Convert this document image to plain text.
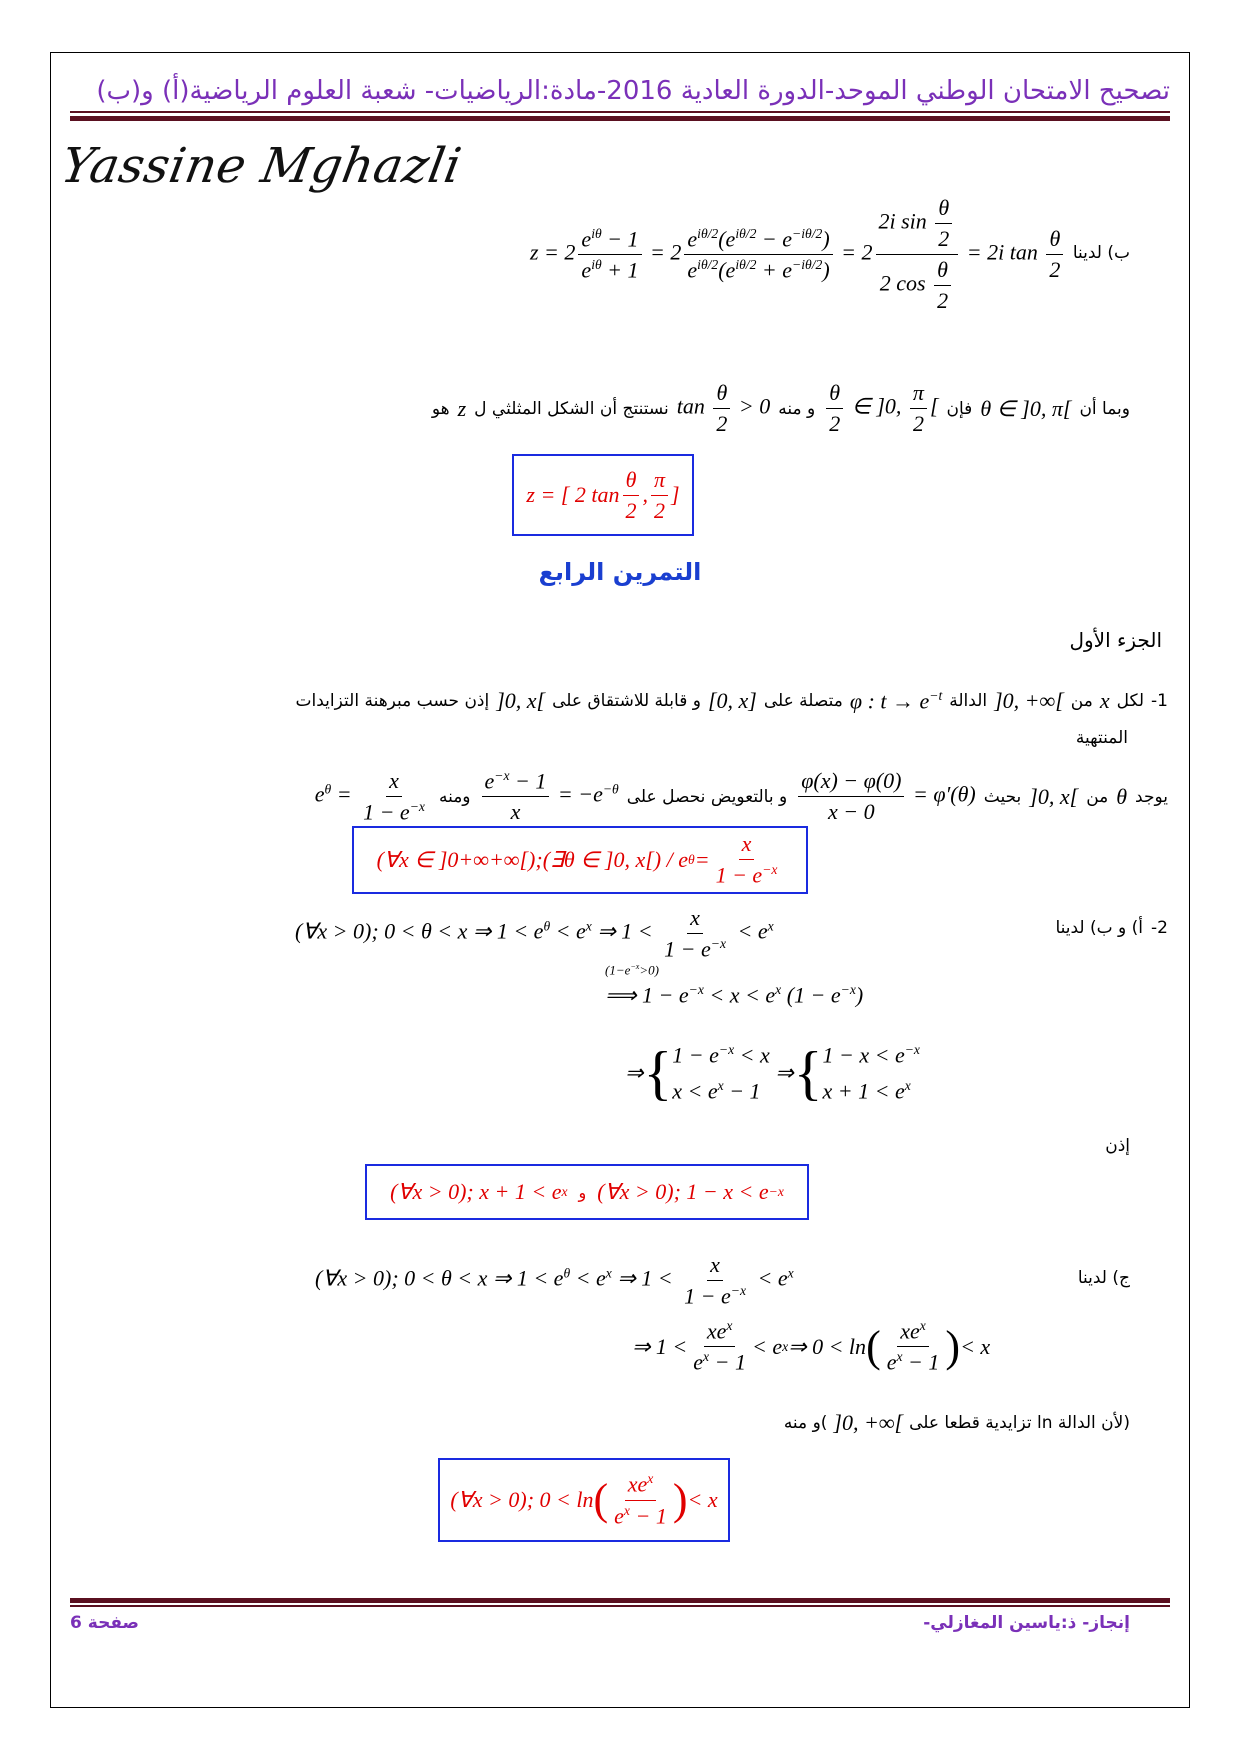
تصحيح الامتحان الوطني الموحد-الدورة العادية 2016-مادة:الرياضيات- شعبة العلوم الرياضية(أ) و(ب)
Yassine Mghazli
ب) لدينا
$z = 2 \frac{e^{i\theta} - 1}{e^{i\theta} + 1} = 2 \frac{e^{i\theta/2}(e^{i\theta/2} - e^{-i\theta/2})}{e^{i\theta/2}(e^{i\theta/2} + e^{-i\theta/2})} = 2 \frac{2i \sin \frac{\theta}{2}}{2 \cos \frac{\theta}{2}} = 2i$ $\tan \frac{\theta}{2}$
وبما أن
θ ∈ ]0, π[
فإن
$\frac{\theta}{2}$ ∈ ]0, $\frac{\pi}{2}$ [
و منه
$\tan \frac{\theta}{2} > 0$
نستنتج أن الشكل المثلثي ل
z
هو
z = [ 2 $\tan \frac{\theta}{2}$ , $\frac{\pi}{2}$ ]
التمرين الرابع
الجزء الأول
1-
لكل
x
من
]0, +∞[
الدالة
φ : $t \to e^{-t}$
متصلة على
[0, x]
و قابلة للاشتقاق على
]0, x[
إذن حسب مبرهنة التزايدات
المنتهية
يوجد
θ
من
]0, x[
بحيث
$\frac{\varphi(x) - \varphi(0)}{x - 0} = \varphi'(\theta)$
و بالتعويض نحصل على
$\frac{e^{-x} - 1}{x} = -e^{-\theta}$
ومنه
$e^\theta = \frac{x}{1 - e^{-x}}$
(∀x ∈ ]0+∞+∞[);(∃θ ∈ ]0, x[) / e $\theta = \frac{x}{1 - e^{-x}}$
2-
أ) و ب) لدينا
(∀x > 0); 0 < θ < x ⇒ $1 < e^\theta < e^x$ ⇒ $1 < \frac{x}{1 - e^{-x}} < e^x$
$(1-e^{-x}>0)$
⟹ $1 - e^{-x} < x < e^x$ $(1 - e^{-x})$
⇒ { $1 - e^{-x} < x$
$x < e^x - 1$
⇒ { $1 - x < e^{-x}$
$x + 1 < e^x$
إذن
(∀x > 0); x + 1 < e x
و (∀x > 0); 1 − x < e −x
ج) لدينا
(∀x > 0); 0 < θ < x ⇒ $1 < e^\theta < e^x$ ⇒ $1 < \frac{x}{1 - e^{-x}} < e^x$
⇒ $1 < \frac{xe^x}{e^x - 1} < e$ x ⇒ 0 < ln ( $\frac{xe^x}{e^x - 1}$ ) < x
(لأن الدالة ln تزايدية قطعا على
]0, +∞[
)و منه
(∀x > 0); 0 < ln ( $\frac{xe^x}{e^x - 1}$ ) < x
صفحة 6	إنجاز- ذ:ياسين المغازلي-
